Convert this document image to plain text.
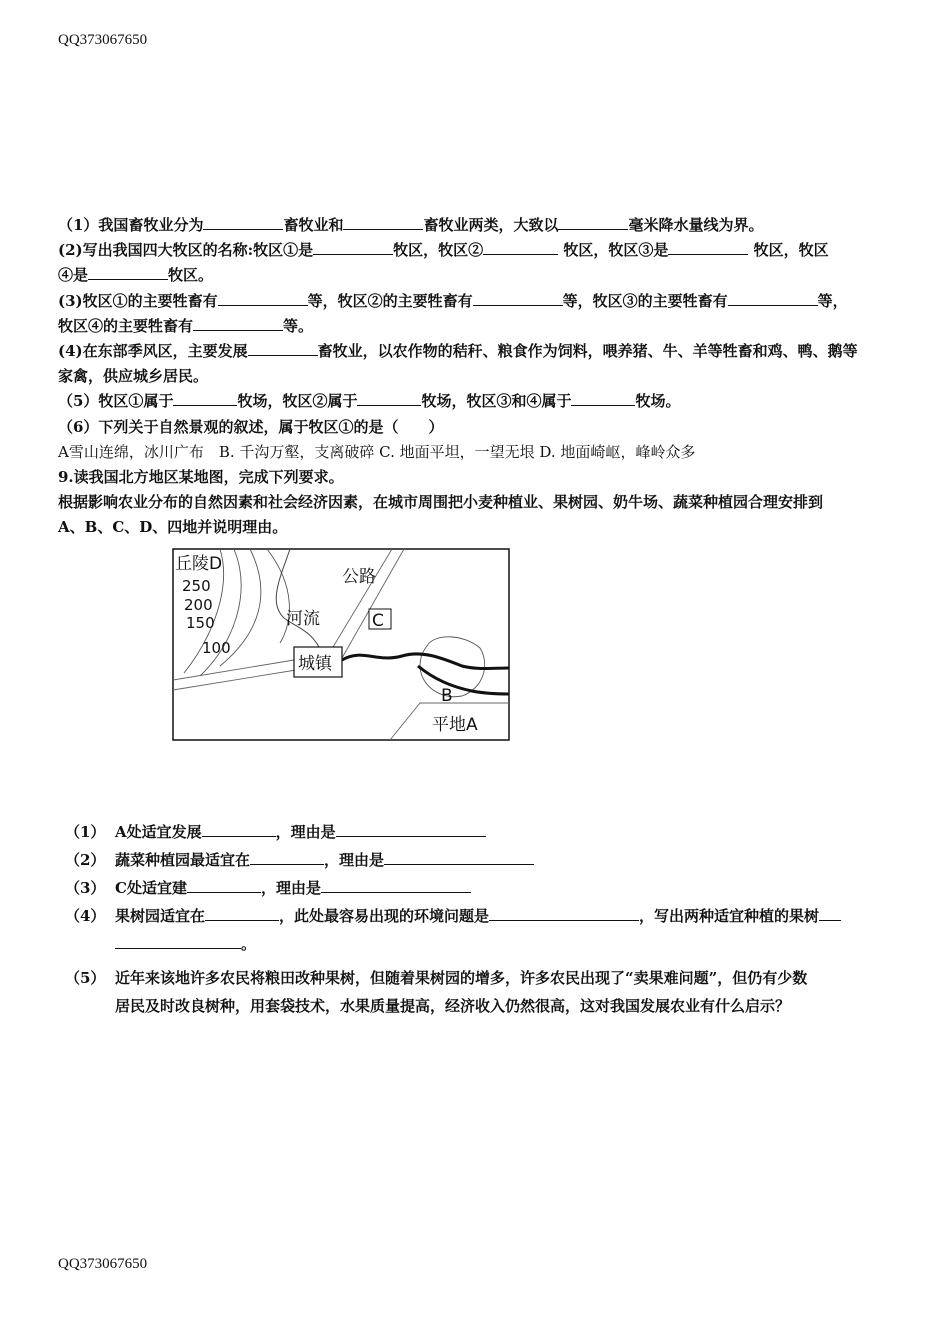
QQ373067650

（1）我国畜牧业分为	畜牧业和	畜牧业两类，大致以	毫米降水量线为界。

(2)写出我国四大牧区的名称:牧区①是	牧区，牧区②	牧区，牧区③是	牧区，牧区

④是	牧区。

(3)牧区①的主要牲畜有	等，牧区②的主要牲畜有	等，牧区③的主要牲畜有	等，

牧区④的主要牲畜有	等。

(4)在东部季风区，主要发展	畜牧业，以农作物的秸秆、粮食作为饲料，喂养猪、牛、羊等牲畜和鸡、鸭、鹅等

家禽，供应城乡居民。

（5）牧区①属于	牧场，牧区②属于	牧场，牧区③和④属于	牧场。

（6）下列关于自然景观的叙述，属于牧区①的是（　　）

A雪山连绵，冰川广布　B. 千沟万壑，支离破碎 C. 地面平坦，一望无垠 D. 地面崎岖，峰岭众多

9.读我国北方地区某地图，完成下列要求。

根据影响农业分布的自然因素和社会经济因素，在城市周围把小麦种植业、果树园、奶牛场、蔬菜种植园合理安排到

A、B、C、D、四地并说明理由。

丘陵D
250
200
150
100
公路
河流	C
城镇
B
平地A
（1） A处适宜发展	，理由是

（2） 蔬菜种植园最适宜在	，理由是

（3） C处适宜建	，理由是

（4） 果树园适宜在	，此处最容易出现的环境问题是	，写出两种适宜种植的果树

。

（5） 近年来该地许多农民将粮田改种果树，但随着果树园的增多，许多农民出现了“卖果难问题”，但仍有少数

居民及时改良树种，用套袋技术，水果质量提高，经济收入仍然很高，这对我国发展农业有什么启示？

QQ373067650
